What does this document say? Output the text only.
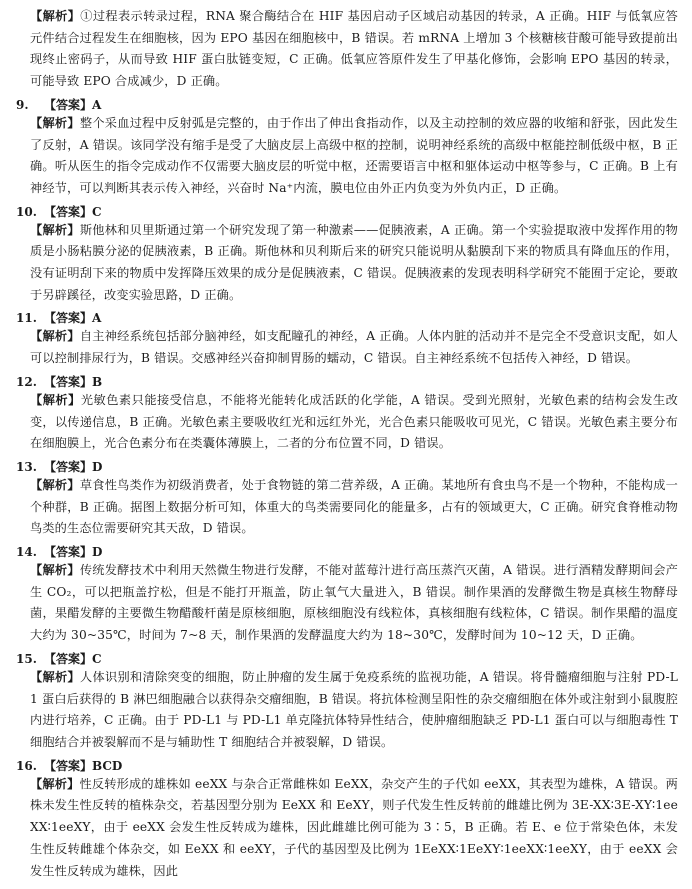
【解析】①过程表示转录过程，RNA 聚合酶结合在 HIF 基因启动子区域启动基因的转录，A 正确。HIF 与低氧应答元件结合过程发生在细胞核，因为 EPO 基因在细胞核中，B 错误。若 mRNA 上增加 3 个核糖核苷酸可能导致提前出现终止密码子，从而导致 HIF 蛋白肽链变短，C 正确。低氧应答原件发生了甲基化修饰，会影响 EPO 基因的转录，可能导致 EPO 合成减少，D 正确。
9. 【答案】A
【解析】整个采血过程中反射弧是完整的，由于作出了伸出食指动作，以及主动控制的效应器的收缩和舒张，因此发生了反射，A 错误。该同学没有缩手是受了大脑皮层上高级中枢的控制，说明神经系统的高级中枢能控制低级中枢，B 正确。听从医生的指令完成动作不仅需要大脑皮层的听觉中枢，还需要语言中枢和躯体运动中枢等参与，C 正确。B 上有神经节，可以判断其表示传入神经，兴奋时 Na⁺内流，膜电位由外正内负变为外负内正，D 正确。
10. 【答案】C
【解析】斯他林和贝里斯通过第一个研究发现了第一种激素——促胰液素，A 正确。第一个实验提取液中发挥作用的物质是小肠粘膜分泌的促胰液素，B 正确。斯他林和贝利斯后来的研究只能说明从黏膜刮下来的物质具有降血压的作用，没有证明刮下来的物质中发挥降压效果的成分是促胰液素，C 错误。促胰液素的发现表明科学研究不能囿于定论，要敢于另辟蹊径，改变实验思路，D 正确。
11. 【答案】A
【解析】自主神经系统包括部分脑神经，如支配瞳孔的神经，A 正确。人体内脏的活动并不是完全不受意识支配，如人可以控制排尿行为，B 错误。交感神经兴奋抑制胃肠的蠕动，C 错误。自主神经系统不包括传入神经，D 错误。
12. 【答案】B
【解析】光敏色素只能接受信息，不能将光能转化成活跃的化学能，A 错误。受到光照射，光敏色素的结构会发生改变，以传递信息，B 正确。光敏色素主要吸收红光和远红外光，光合色素只能吸收可见光，C 错误。光敏色素主要分布在细胞膜上，光合色素分布在类囊体薄膜上，二者的分布位置不同，D 错误。
13. 【答案】D
【解析】草食性鸟类作为初级消费者，处于食物链的第二营养级，A 正确。某地所有食虫鸟不是一个物种，不能构成一个种群，B 正确。据图上数据分析可知，体重大的鸟类需要同化的能量多，占有的领域更大，C 正确。研究食脊椎动物鸟类的生态位需要研究其天敌，D 错误。
14. 【答案】D
【解析】传统发酵技术中利用天然微生物进行发酵，不能对蓝莓汁进行高压蒸汽灭菌，A 错误。进行酒精发酵期间会产生 CO₂，可以把瓶盖拧松，但是不能打开瓶盖，防止氧气大量进入，B 错误。制作果酒的发酵微生物是真核生物酵母菌，果醋发酵的主要微生物醋酸杆菌是原核细胞，原核细胞没有线粒体，真核细胞有线粒体，C 错误。制作果醋的温度大约为 30~35℃，时间为 7~8 天，制作果酒的发酵温度大约为 18~30℃，发酵时间为 10~12 天，D 正确。
15. 【答案】C
【解析】人体识别和清除突变的细胞，防止肿瘤的发生属于免疫系统的监视功能，A 错误。将骨髓瘤细胞与注射 PD-L1 蛋白后获得的 B 淋巴细胞融合以获得杂交瘤细胞，B 错误。将抗体检测呈阳性的杂交瘤细胞在体外或注射到小鼠腹腔内进行培养，C 正确。由于 PD-L1 与 PD-L1 单克隆抗体特异性结合，使肿瘤细胞缺乏 PD-L1 蛋白可以与细胞毒性 T 细胞结合并被裂解而不是与辅助性 T 细胞结合并被裂解，D 错误。
16. 【答案】BCD
【解析】性反转形成的雄株如 eeXX 与杂合正常雌株如 EeXX，杂交产生的子代如 eeXX，其表型为雄株，A 错误。两株未发生性反转的植株杂交，若基因型分别为 EeXX 和 EeXY，则子代发生性反转前的雌雄比例为 3E-XX∶3E-XY∶1eeXX∶1eeXY，由于 eeXX 会发生性反转成为雄株，因此雌雄比例可能为 3∶5，B 正确。若 E、e 位于常染色体，未发生性反转雌雄个体杂交，如 EeXX 和 eeXY，子代的基因型及比例为 1EeXX∶1EeXY∶1eeXX∶1eeXY，由于 eeXX 会发生性反转成为雄株，因此
